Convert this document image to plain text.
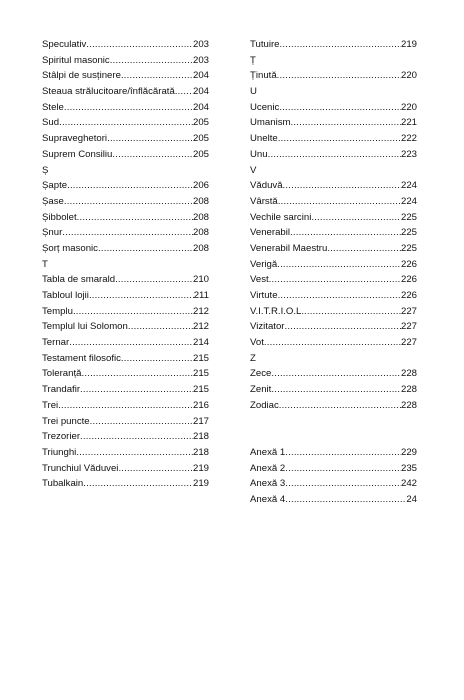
Speculativ .....	203
Spiritul masonic .....	203
Stâlpi de susținere .....	204
Steaua strălucitoare/înflăcărată ..... 204
Stele .....	204
Sud .....	205
Supraveghetori .....	205
Suprem Consiliu .....	205
Ș
Șapte .....	206
Șase .....	208
Șibbolet .....	208
Șnur .....	208
Șorț masonic .....	208
T
Tabla de smarald .....	210
Tabloul lojii .....	211
Templu .....	212
Templul lui Solomon .....	212
Ternar .....	214
Testament filosofic .....	215
Toleranță .....	215
Trandafir .....	215
Trei .....	216
Trei puncte .....	217
Trezorier .....	218
Triunghi .....	218
Trunchiul Văduvei .....	219
Tubalkain .....	219
Tutuire .....	219
Ț
Ținută .....	220
U
Ucenic .....	220
Umanism .....	221
Unelte .....	222
Unu .....	223
V
Văduvă .....	224
Vârstă .....	224
Vechile sarcini .....	225
Venerabil .....	225
Venerabil Maestru .....	225
Verigă .....	226
Vest .....	226
Virtute .....	226
V.I.T.R.I.O.L. .....	227
Vizitator .....	227
Vot .....	227
Z
Zece .....	228
Zenit .....	228
Zodiac .....	228
Anexă 1 .....	229
Anexă 2 .....	235
Anexă 3 .....	242
Anexă 4 .....	24
